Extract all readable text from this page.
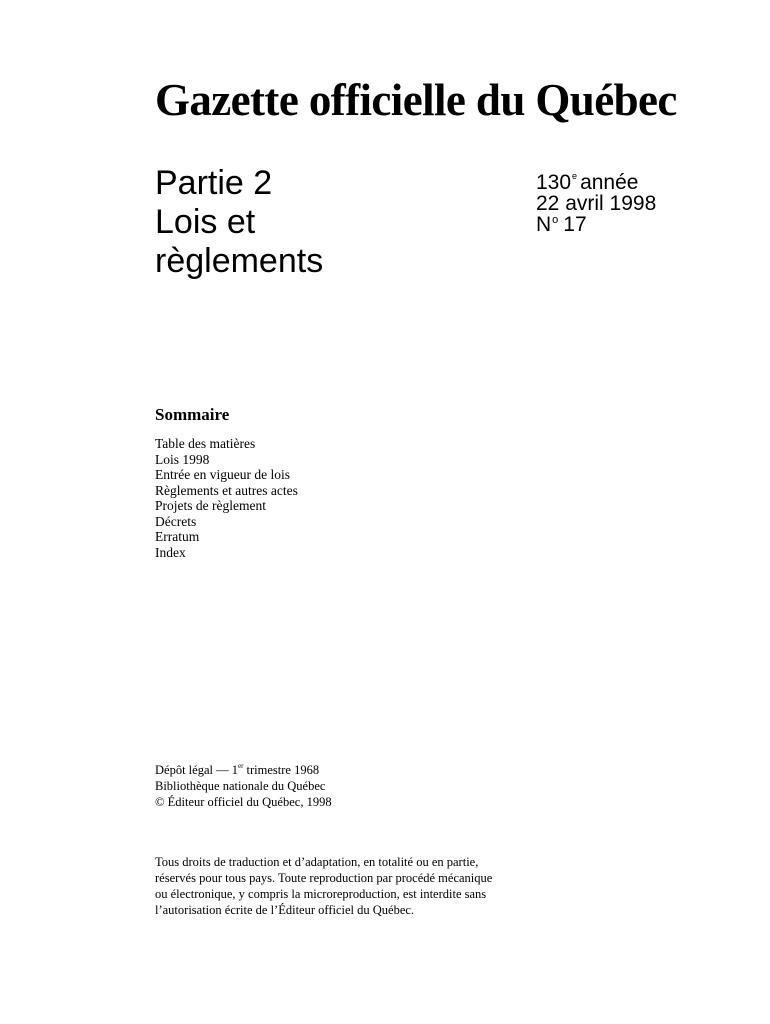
Gazette officielle du Québec
Partie 2
Lois et
règlements
130e année
22 avril 1998
$N^o$ 17
Sommaire
Table des matières
Lois 1998
Entrée en vigueur de lois
Règlements et autres actes
Projets de règlement
Décrets
Erratum
Index
Dépôt légal — 1er trimestre 1968
Bibliothèque nationale du Québec
© Éditeur officiel du Québec, 1998
Tous droits de traduction et d’adaptation, en totalité ou en partie,
réservés pour tous pays. Toute reproduction par procédé mécanique
ou électronique, y compris la microreproduction, est interdite sans
l’autorisation écrite de l’Éditeur officiel du Québec.
